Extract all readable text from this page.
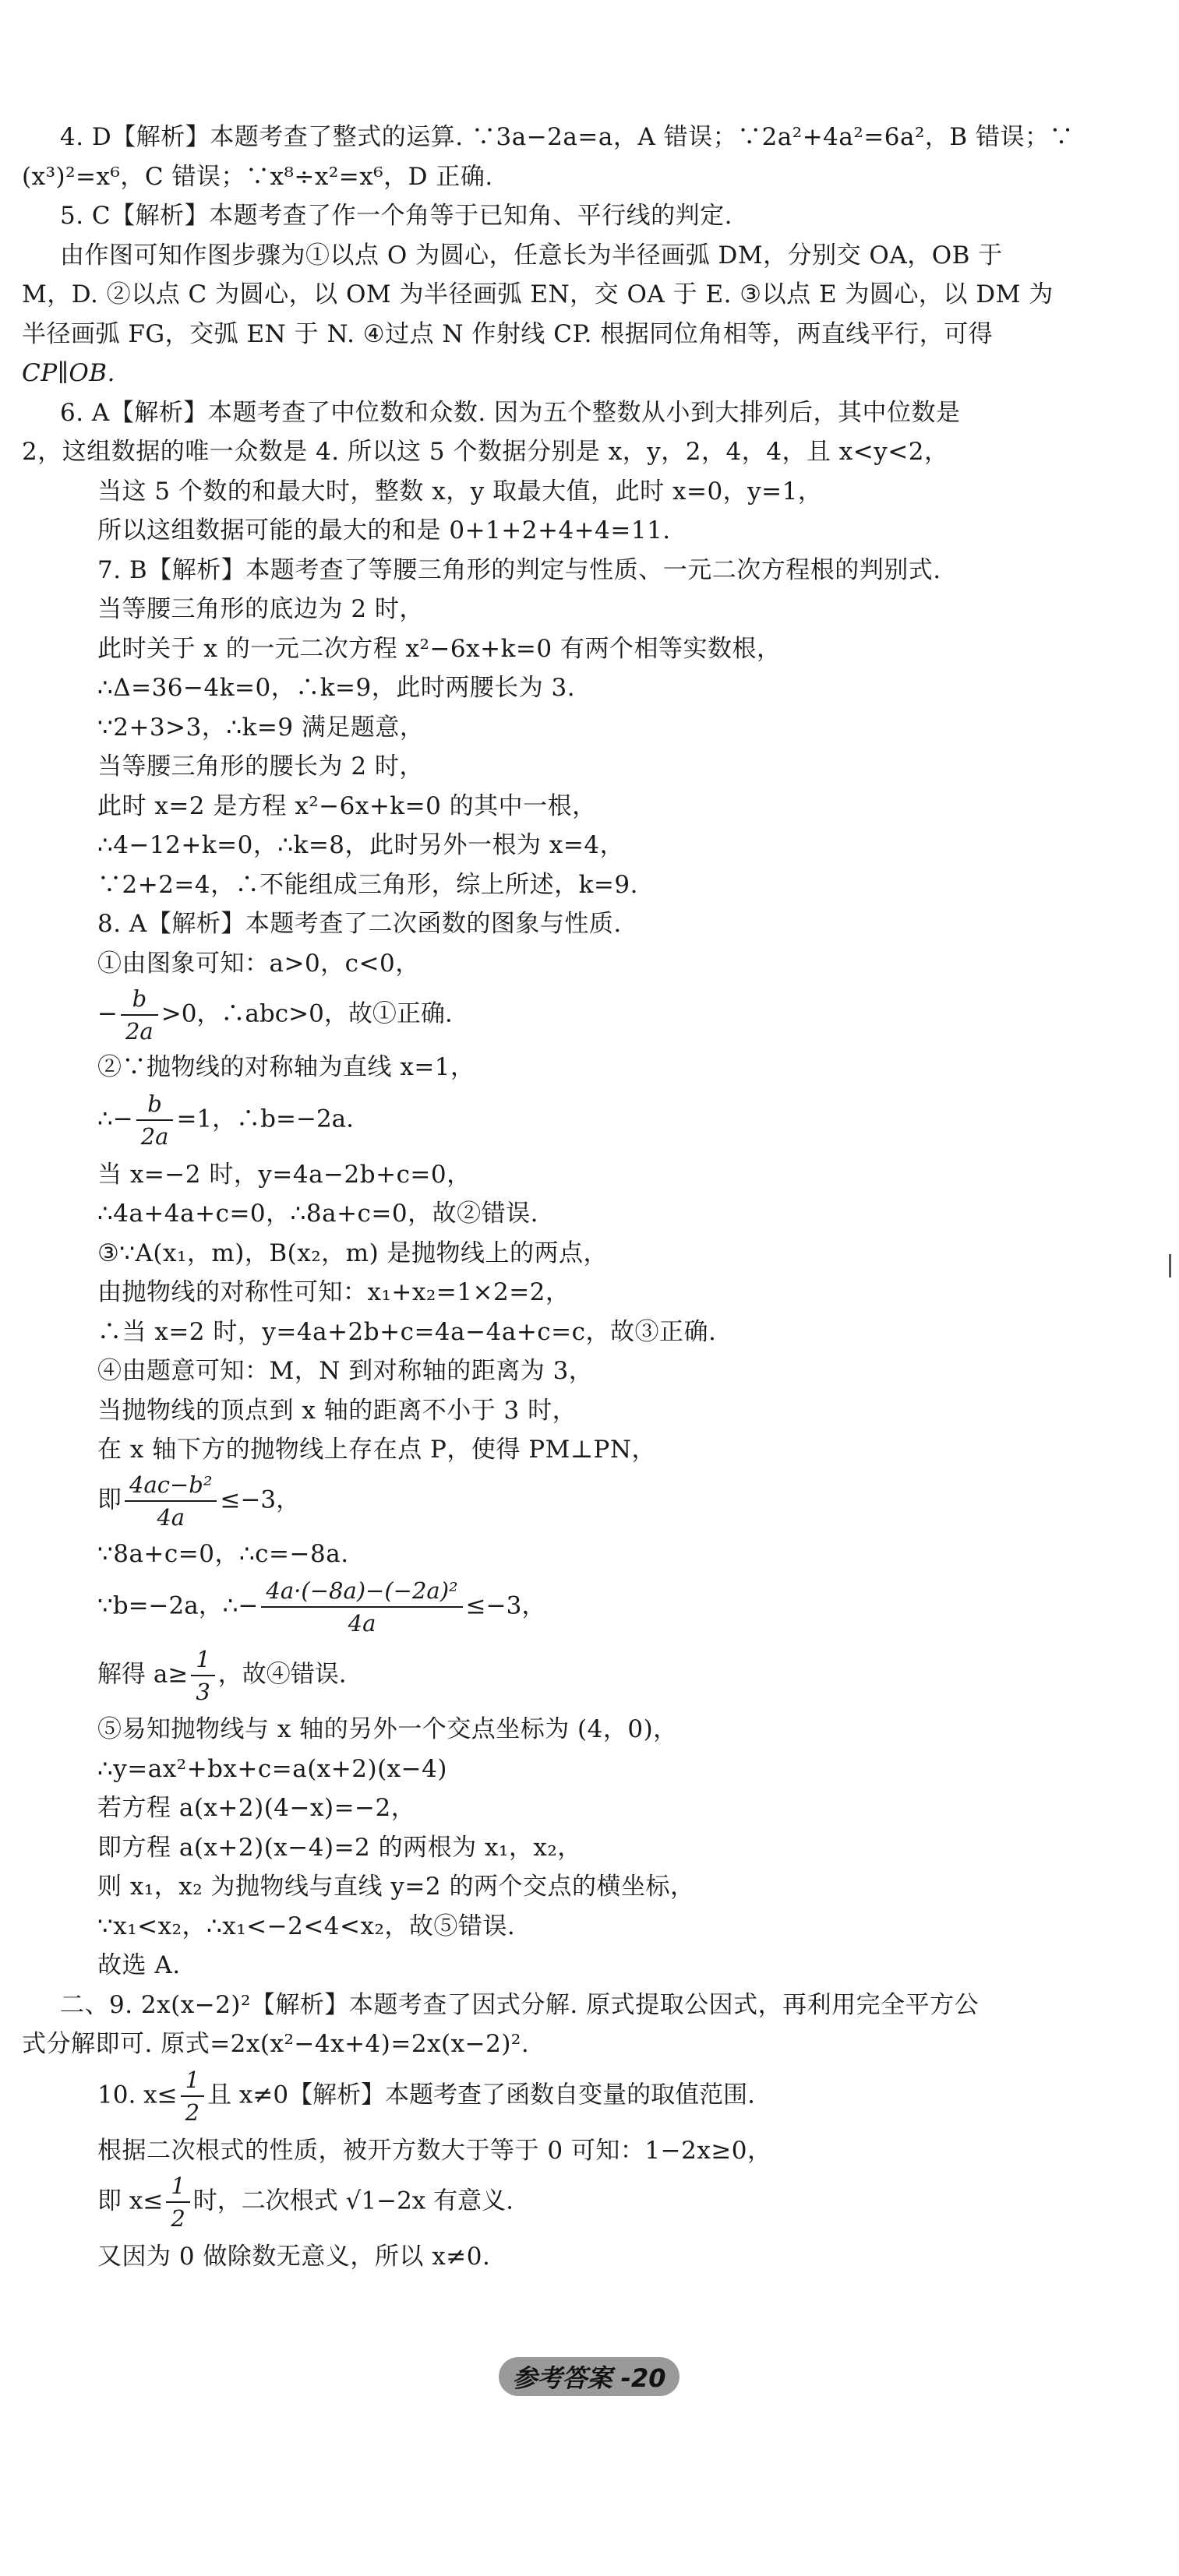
4. D【解析】本题考查了整式的运算. ∵3a−2a=a，A 错误；∵2a²+4a²=6a²，B 错误；∵
(x³)²=x⁶，C 错误；∵x⁸÷x²=x⁶，D 正确.
5. C【解析】本题考查了作一个角等于已知角、平行线的判定.
由作图可知作图步骤为①以点 O 为圆心，任意长为半径画弧 DM，分别交 OA，OB 于
M，D. ②以点 C 为圆心，以 OM 为半径画弧 EN，交 OA 于 E. ③以点 E 为圆心，以 DM 为
半径画弧 FG，交弧 EN 于 N. ④过点 N 作射线 CP. 根据同位角相等，两直线平行，可得
CP∥OB.
6. A【解析】本题考查了中位数和众数. 因为五个整数从小到大排列后，其中位数是
2，这组数据的唯一众数是 4. 所以这 5 个数据分别是 x，y，2，4，4，且 x<y<2，
当这 5 个数的和最大时，整数 x，y 取最大值，此时 x=0，y=1，
所以这组数据可能的最大的和是 0+1+2+4+4=11.
7. B【解析】本题考查了等腰三角形的判定与性质、一元二次方程根的判别式.
当等腰三角形的底边为 2 时，
此时关于 x 的一元二次方程 x²−6x+k=0 有两个相等实数根，
∴Δ=36−4k=0，∴k=9，此时两腰长为 3.
∵2+3>3，∴k=9 满足题意，
当等腰三角形的腰长为 2 时，
此时 x=2 是方程 x²−6x+k=0 的其中一根，
∴4−12+k=0，∴k=8，此时另外一根为 x=4，
∵2+2=4，∴不能组成三角形，综上所述，k=9.
8. A【解析】本题考查了二次函数的图象与性质.
①由图象可知：a>0，c<0，
− $\frac{b}{2a} >0$，∴abc>0，故①正确.
②∵抛物线的对称轴为直线 x=1，
∴− $\frac{b}{2a} =1$，∴b=−2a.
当 x=−2 时，y=4a−2b+c=0，
∴4a+4a+c=0，∴8a+c=0，故②错误.
③∵A(x₁，m)，B(x₂，m) 是抛物线上的两点，
由抛物线的对称性可知：x₁+x₂=1×2=2，
∴当 x=2 时，y=4a+2b+c=4a−4a+c=c，故③正确.
④由题意可知：M，N 到对称轴的距离为 3，
当抛物线的顶点到 x 轴的距离不小于 3 时，
在 x 轴下方的抛物线上存在点 P，使得 PM⊥PN，
即 $\frac{\text{4ac−b²}}{4a} \le-3$，
∵8a+c=0，∴c=−8a.
∵b=−2a，∴− $\frac{\text{4a·(−8a)−(−2a)²}}{4a} \le-3$，
解得 $a\ge \frac{1}{3}$ ，故④错误.
⑤易知抛物线与 x 轴的另外一个交点坐标为 (4，0)，
∴y=ax²+bx+c=a(x+2)(x−4)
若方程 a(x+2)(4−x)=−2，
即方程 a(x+2)(x−4)=2 的两根为 x₁，x₂，
则 x₁，x₂ 为抛物线与直线 y=2 的两个交点的横坐标，
∵x₁<x₂，∴x₁<−2<4<x₂，故⑤错误.
故选 A.
二、9. 2x(x−2)²【解析】本题考查了因式分解. 原式提取公因式，再利用完全平方公
式分解即可. 原式=2x(x²−4x+4)=2x(x−2)².
10. $x\le \frac{1}{2}$ 且 x≠0【解析】本题考查了函数自变量的取值范围.
根据二次根式的性质，被开方数大于等于 0 可知：1−2x≥0，
即 $x\le \frac{1}{2}$ 时，二次根式 √1−2x 有意义.
又因为 0 做除数无意义，所以 x≠0.
参考答案 -20
